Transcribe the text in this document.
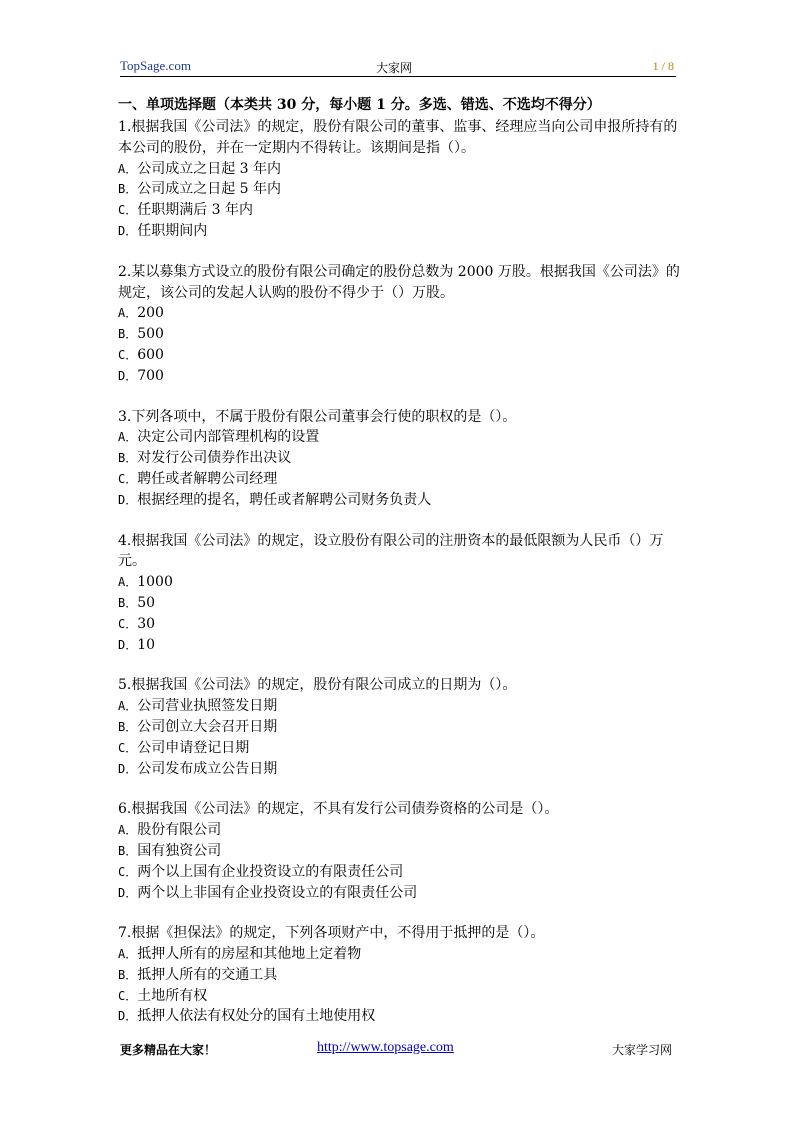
TopSage.com	大家网	1 / 8

一、单项选择题（本类共 30 分，每小题 1 分。多选、错选、不选均不得分）

1.根据我国《公司法》的规定，股份有限公司的董事、监事、经理应当向公司申报所持有的本公司的股份，并在一定期内不得转让。该期间是指（）。

A．公司成立之日起 3 年内

B．公司成立之日起 5 年内

C．任职期满后 3 年内

D．任职期间内

2.某以募集方式设立的股份有限公司确定的股份总数为 2000 万股。根据我国《公司法》的规定，该公司的发起人认购的股份不得少于（）万股。

A．200

B．500

C．600

D．700

3.下列各项中，不属于股份有限公司董事会行使的职权的是（）。

A．决定公司内部管理机构的设置

B．对发行公司债券作出决议

C．聘任或者解聘公司经理

D．根据经理的提名，聘任或者解聘公司财务负责人

4.根据我国《公司法》的规定，设立股份有限公司的注册资本的最低限额为人民币（）万元。

A．1000

B．50

C．30

D．10

5.根据我国《公司法》的规定，股份有限公司成立的日期为（）。

A．公司营业执照签发日期

B．公司创立大会召开日期

C．公司申请登记日期

D．公司发布成立公告日期

6.根据我国《公司法》的规定，不具有发行公司债券资格的公司是（）。

A．股份有限公司

B．国有独资公司

C．两个以上国有企业投资设立的有限责任公司

D．两个以上非国有企业投资设立的有限责任公司

7.根据《担保法》的规定，下列各项财产中，不得用于抵押的是（）。

A．抵押人所有的房屋和其他地上定着物

B．抵押人所有的交通工具

C．土地所有权

D．抵押人依法有权处分的国有土地使用权

更多精品在大家！	http://www.topsage.com	大家学习网
